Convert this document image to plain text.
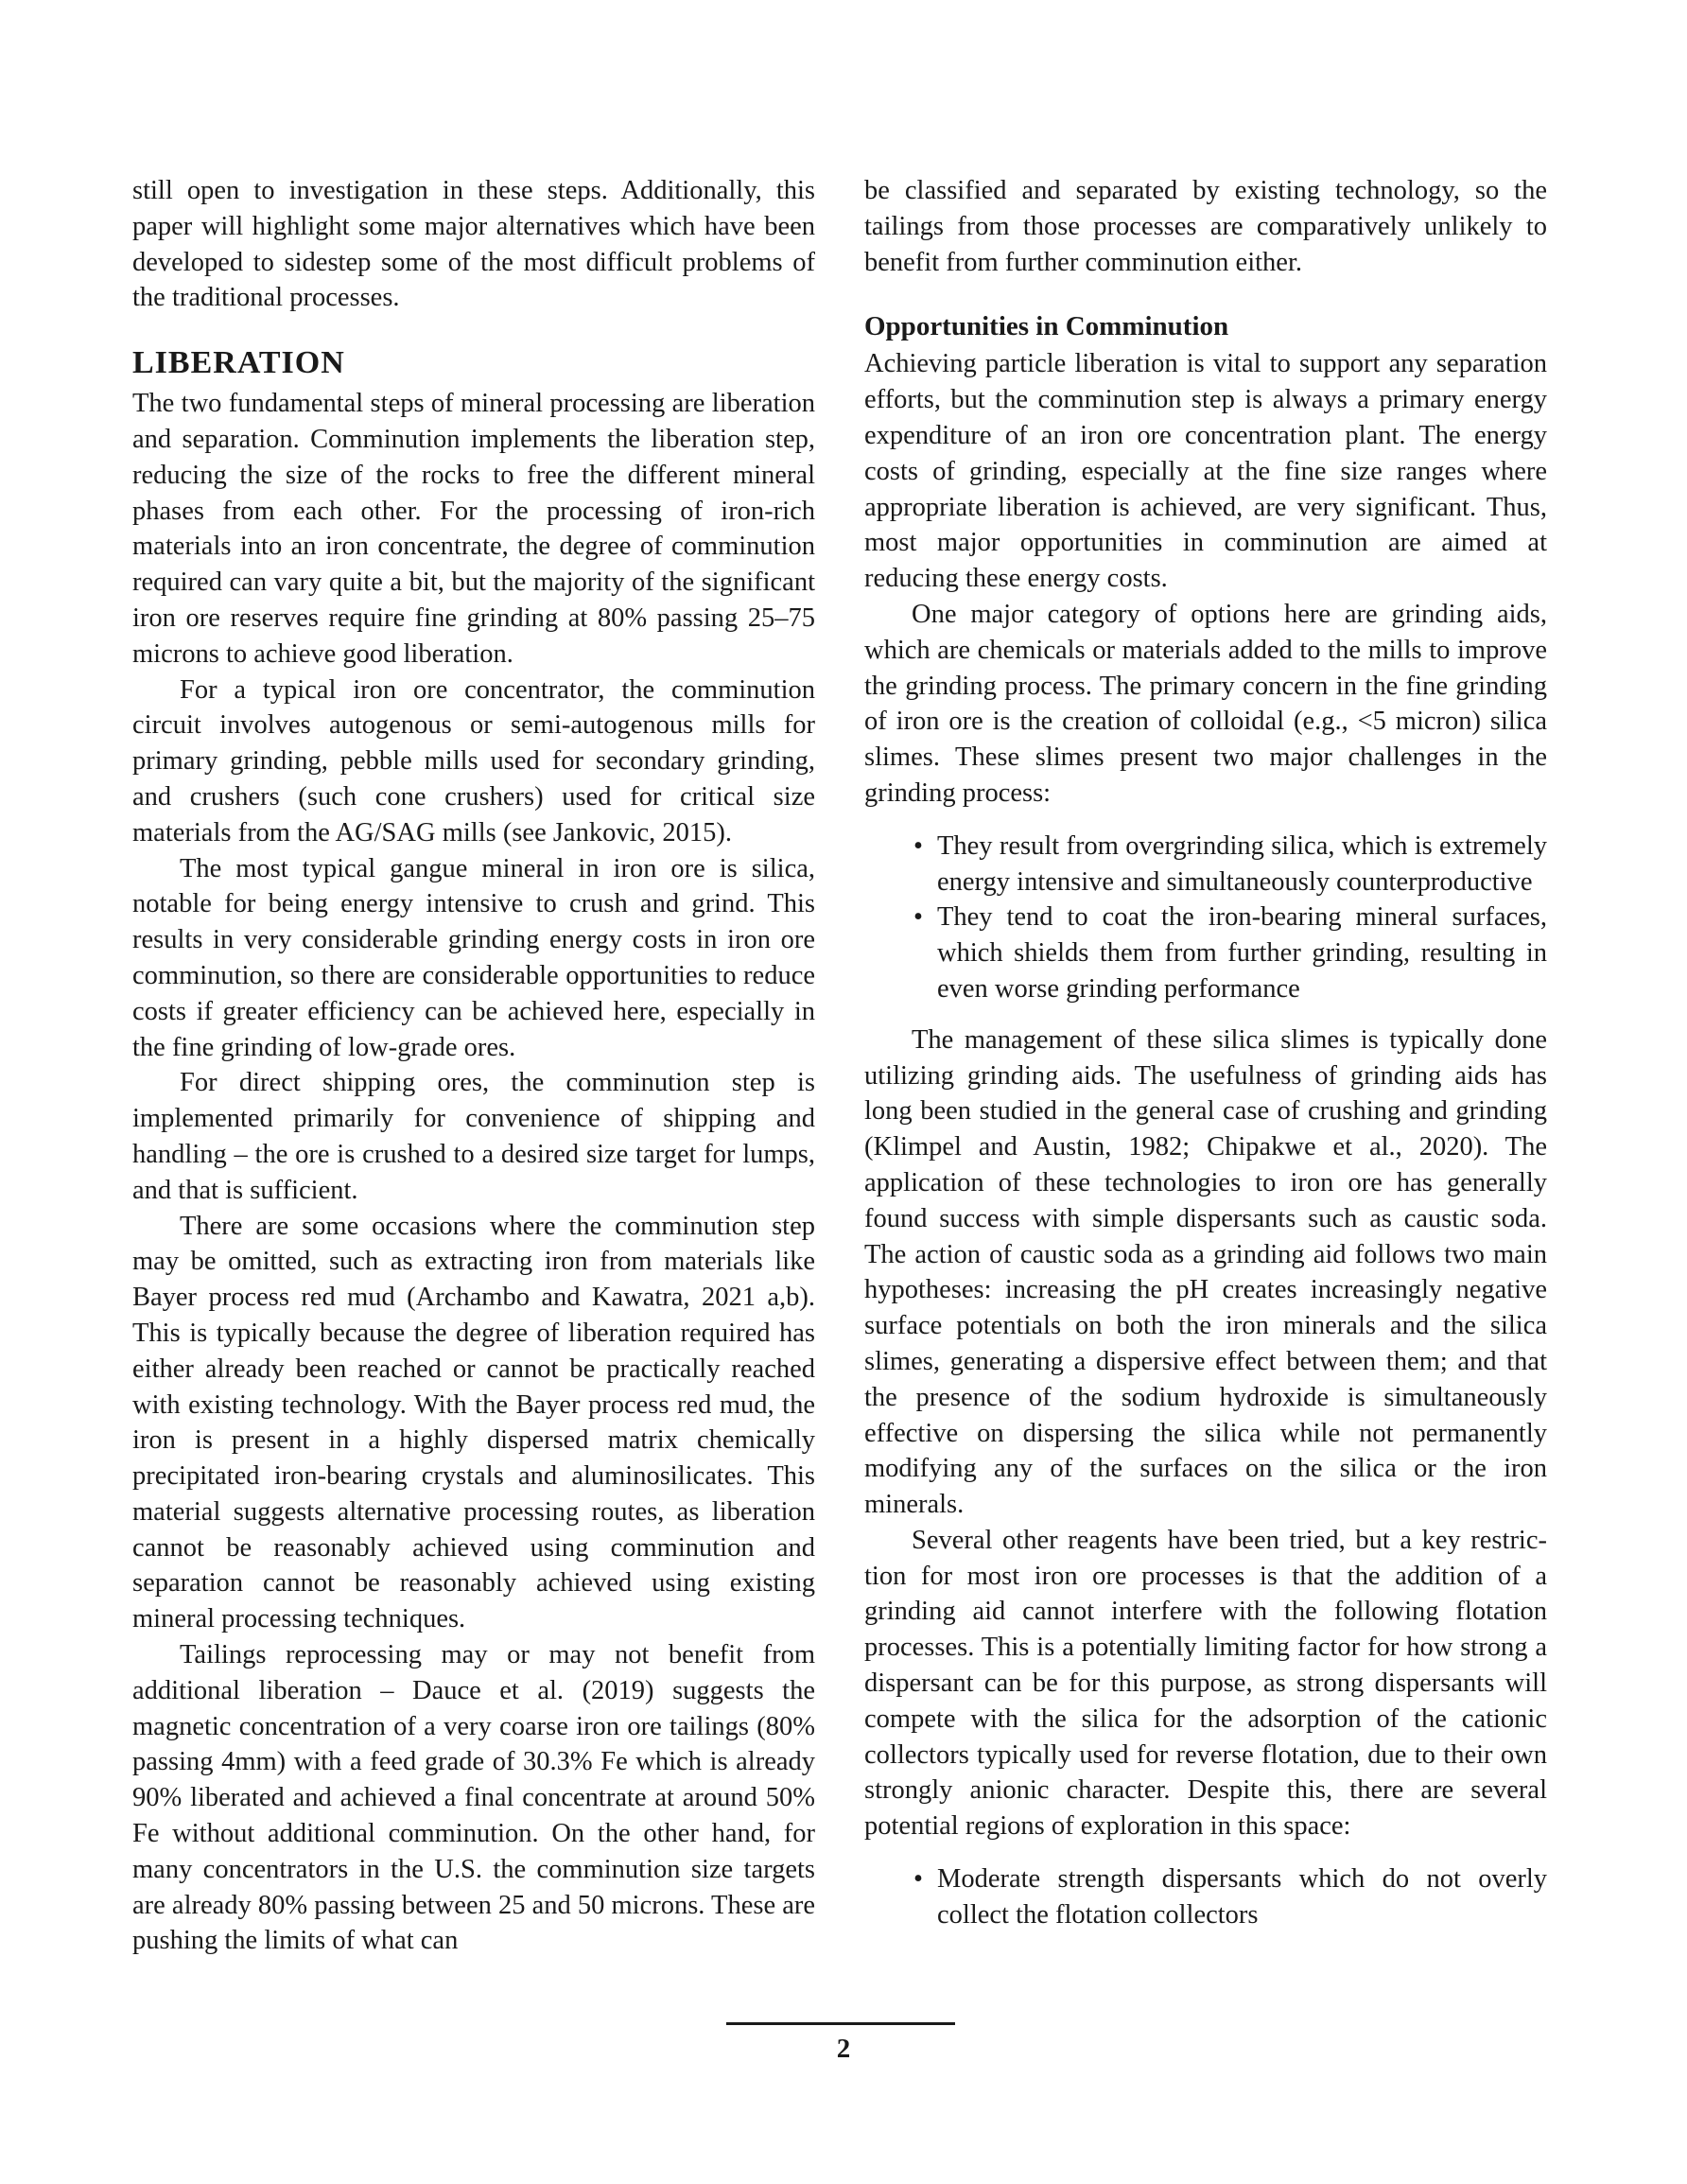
still open to investigation in these steps. Additionally, this paper will highlight some major alternatives which have been developed to sidestep some of the most difficult problems of the traditional processes.

LIBERATION

The two fundamental steps of mineral processing are liberation and separation. Comminution implements the liberation step, reducing the size of the rocks to free the different mineral phases from each other. For the processing of iron-rich materials into an iron concentrate, the degree of comminution required can vary quite a bit, but the majority of the significant iron ore reserves require fine grinding at 80% passing 25–75 microns to achieve good liberation.

For a typical iron ore concentrator, the comminution circuit involves autogenous or semi-autogenous mills for primary grinding, pebble mills used for secondary grinding, and crushers (such cone crushers) used for critical size materials from the AG/SAG mills (see Jankovic, 2015).

The most typical gangue mineral in iron ore is silica, notable for being energy intensive to crush and grind. This results in very considerable grinding energy costs in iron ore comminution, so there are considerable opportunities to reduce costs if greater efficiency can be achieved here, especially in the fine grinding of low-grade ores.

For direct shipping ores, the comminution step is implemented primarily for convenience of shipping and handling – the ore is crushed to a desired size target for lumps, and that is sufficient.

There are some occasions where the comminution step may be omitted, such as extracting iron from materials like Bayer process red mud (Archambo and Kawatra, 2021 a,b). This is typically because the degree of liberation required has either already been reached or cannot be practically reached with existing technology. With the Bayer process red mud, the iron is present in a highly dispersed matrix chemically precipitated iron-bearing crystals and aluminosilicates. This material suggests alternative processing routes, as liberation cannot be reasonably achieved using comminution and separation cannot be reasonably achieved using existing mineral processing techniques.

Tailings reprocessing may or may not benefit from additional liberation – Dauce et al. (2019) suggests the magnetic concentration of a very coarse iron ore tailings (80% passing 4mm) with a feed grade of 30.3% Fe which is already 90% liberated and achieved a final concentrate at around 50% Fe without additional comminution. On the other hand, for many concentrators in the U.S. the comminution size targets are already 80% passing between 25 and 50 microns. These are pushing the limits of what can

be classified and separated by existing technology, so the tailings from those processes are comparatively unlikely to benefit from further comminution either.

Opportunities in Comminution

Achieving particle liberation is vital to support any separation efforts, but the comminution step is always a primary energy expenditure of an iron ore concentration plant. The energy costs of grinding, especially at the fine size ranges where appropriate liberation is achieved, are very significant. Thus, most major opportunities in comminution are aimed at reducing these energy costs.

One major category of options here are grinding aids, which are chemicals or materials added to the mills to improve the grinding process. The primary concern in the fine grinding of iron ore is the creation of colloidal (e.g., <5 micron) silica slimes. These slimes present two major challenges in the grinding process:

• They result from overgrinding silica, which is extremely energy intensive and simultaneously counterproductive
• They tend to coat the iron-bearing mineral surfaces, which shields them from further grinding, resulting in even worse grinding performance

The management of these silica slimes is typically done utilizing grinding aids. The usefulness of grinding aids has long been studied in the general case of crushing and grinding (Klimpel and Austin, 1982; Chipakwe et al., 2020). The application of these technologies to iron ore has generally found success with simple dispersants such as caustic soda. The action of caustic soda as a grinding aid follows two main hypotheses: increasing the pH creates increasingly negative surface potentials on both the iron minerals and the silica slimes, generating a dispersive effect between them; and that the presence of the sodium hydroxide is simultaneously effective on dispersing the silica while not permanently modifying any of the surfaces on the silica or the iron minerals.

Several other reagents have been tried, but a key restriction for most iron ore processes is that the addition of a grinding aid cannot interfere with the following flotation processes. This is a potentially limiting factor for how strong a dispersant can be for this purpose, as strong dispersants will compete with the silica for the adsorption of the cationic collectors typically used for reverse flotation, due to their own strongly anionic character. Despite this, there are several potential regions of exploration in this space:

• Moderate strength dispersants which do not overly collect the flotation collectors
2
